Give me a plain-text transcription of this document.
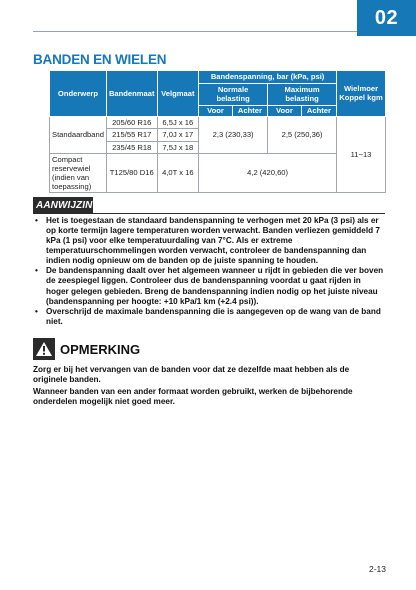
02
BANDEN EN WIELEN
Onderwerp	Bandenmaat	Velgmaat	Bandenspanning, bar (kPa, psi)				Wielmoer Koppel kgm
			Normale belasting		Maximum belasting		
			Voor	Achter	Voor	Achter	
Standaardband	205/60 R16	6,5J x 16	2,3 (230,33)		2,5 (250,36)		11~13
	215/55 R17	7,0J x 17					
	235/45 R18	7,5J x 18					
Compact reservewiel (indien van toepassing)	T125/80 D16	4,0T x 16	4,2 (420,60)				
AANWIJZING
• Het is toegestaan de standaard bandenspanning te verhogen met 20 kPa (3 psi) als er op korte termijn lagere temperaturen worden verwacht. Banden verliezen gemiddeld 7 kPa (1 psi) voor elke temperatuurdaling van 7°C. Als er extreme temperatuurschommelingen worden verwacht, controleer de bandenspanning dan indien nodig opnieuw om de banden op de juiste spanning te houden.
• De bandenspanning daalt over het algemeen wanneer u rijdt in gebieden die ver boven de zeespiegel liggen. Controleer dus de bandenspanning voordat u gaat rijden in hoger gelegen gebieden. Breng de bandenspanning indien nodig op het juiste niveau (bandenspanning per hoogte: +10 kPa/1 km (+2.4 psi)).
• Overschrijd de maximale bandenspanning die is aangegeven op de wang van de band niet.
OPMERKING
Zorg er bij het vervangen van de banden voor dat ze dezelfde maat hebben als de originele banden.
Wanneer banden van een ander formaat worden gebruikt, werken de bijbehorende onderdelen mogelijk niet goed meer.
2-13
